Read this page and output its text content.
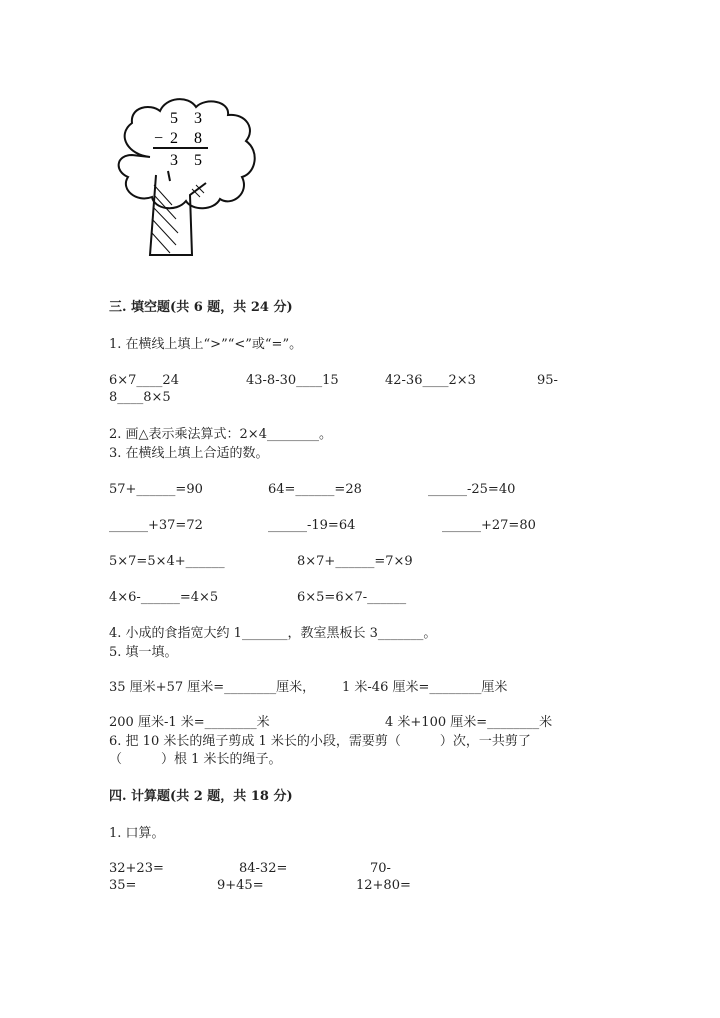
5 3
− 2 8
3 5
三. 填空题(共 6 题，共 24 分)
1. 在横线上填上“>”“<”或“=”。
6×7____24	43-8-30____15	42-36____2×3	95-
8____8×5
2. 画△表示乘法算式：2×4________。
3. 在横线上填上合适的数。
57+______=90	64=______=28	______-25=40
______+37=72	______-19=64	______+27=80
5×7=5×4+______	8×7+______=7×9
4×6-______=4×5	6×5=6×7-______
4. 小成的食指宽大约 1_______，教室黑板长 3_______。
5. 填一填。
35 厘米+57 厘米=________厘米， 1 米-46 厘米=________厘米
200 厘米-1 米=________米	4 米+100 厘米=________米
6. 把 10 米长的绳子剪成 1 米长的小段，需要剪（　　　）次，一共剪了
（　　　）根 1 米长的绳子。
四. 计算题(共 2 题，共 18 分)
1. 口算。
32+23=	84-32=	70-
35=	9+45=	12+80=
